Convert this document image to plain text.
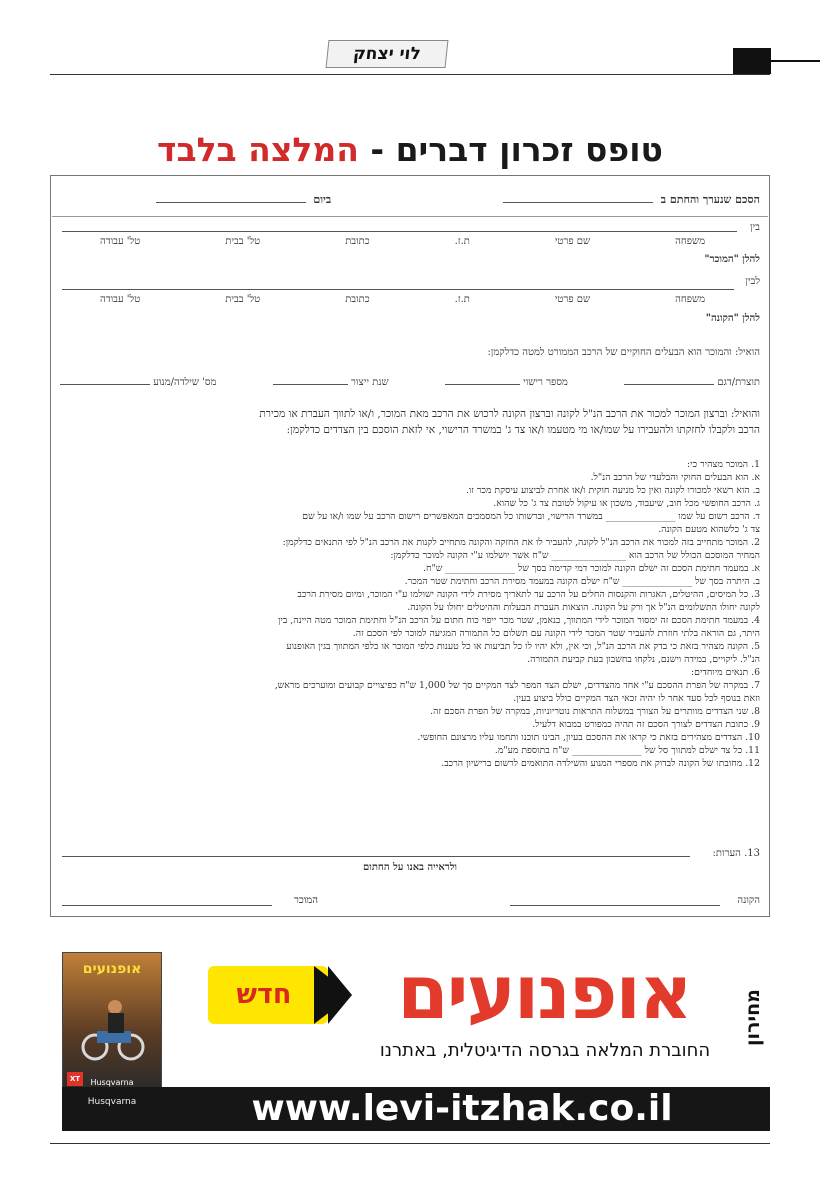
לוי יצחק
טופס זכרון דברים - המלצה בלבד
הסכם שנערך והחתם ב   ביום
בין
משפחה
שם פרטי
ת.ז.
כתובת
טל' בבית
טל' עבודה
להלן "המוכר"
לבין
משפחה
שם פרטי
ת.ז.
כתובת
טל' בבית
טל' עבודה
להלן "הקונה"
הואיל: והמוכר הוא הבעלים החוקיים של הרכב הממורט למטה כדלקמן:
תוצרת/דגם
מספר רישוי
שנת ייצור
מס' שילדה/מנוע
והואיל: וברצון המוכר למכור את הרכב הנ"ל לקונה וברצון הקונה לרכוש את הרכב מאת המוכר, ו/או לתווך העברת או מכירת
הרכב ולקבלו לחזקתו ולהעבירו על שמו/או מי מטעמו ו/או צד ג' במשרד הרישוי, אי לזאת הוסכם בין הצדדים כדלקמן:
1. המוכר מצהיר כי:
א. הוא הבעלים החוקי והבלעדי של הרכב הנ"ל.
ב. הוא רשאי למכורו לקונה ואין כל מניעה חוקית ו/או אחרת לביצוע עיסקת מכר זו.
ג. הרכב החופשי מכל חוב, שיעבוד, משכון או עיקול לטובת צד ג' כל שהוא.
ד. הרכב רשום על שמו _______________ במשרד הרישוי, וברשותו כל המסמכים המאפשרים רישום הרכב על שמו ו/או על שם
צד ג' כלשהוא מטעם הקונה.
2. המוכר מתחייב בזה למכור את הרכב הנ"ל לקונה, להעביר לו את החזקה והקונה מתחייב לקנות את הרכב הנ"ל לפי התנאים כדלקמן:
המחיר המוסכם הכולל של הרכב הוא ________________ ש"ח אשר יושלמו ע"י הקונה למוכר כדלקמן:
א. במעמד חתימת הסכם זה ישלם הקונה למוכר דמי קדימה בסך של _______________ ש"ח.
ב. היתרה בסך של _______________ ש"ח ישלם הקונה במעמד מסירת הרכב וחתימת שטר המכר.
3. כל המיסים, ההיטלים, האגרות והקנסות החלים על הרכב עד לתאריך מסירת לידי הקונה ישולמו ע"י המוכר, ומיום מסירת הרכב
לקונה יחולו התשלומים הנ"ל אך ורק על הקונה. הוצאות העברת הבעלות וההיטלים יחולו על הקונה.
4. במעמד חתימת הסכם זה ימסור המוכר לידי המתווך, כנאמן, שטר מכר ייפוי כוח חתום על הרכב הנ"ל וחתימת המוכר מטה היינה, בין
היתר, גם הוראה בלתי חוזרת להעביר שטר המכר לידי הקונה עם תשלום כל התמורה המגיעה למוכר לפי הסכם זה.
5. הקונה מצהיר בזאת כי בדק את הרכב הנ"ל, וכי אין, ולא יהיו לו כל תביעות או כל טענות כלפי המוכר או כלפי המתווך בגין האופנוע
הנ"ל. ליקויים, במידה וישנם, נלקחו בחשבון בעת קביעת התמורה.
6. תנאים מיוחדים:
7. במקרה של הפרת ההסכם ע"י אחד מהצדדים, ישלם הצד המפר לצד המקיים סך של 1,000 ש"ח כפיצויים קבועים ומוערכים מראש,
וזאת בנוסף לכל סעד אחר לו יהיה זכאי הצד המקיים כולל ביצוע בעין.
8. שני הצדדים מוותרים על הצורך במשלוח התראות נוטריוניות, במקרה של הפרת הסכם זה.
9. כתובת הצדדים לצורך הסכם זה תהיה כמפורט במבוא דלעיל.
10. הצדדים מצהירים בזאת כי קראו את ההסכם בעיון, הבינו תוכנו ותחמו עליו מרצונם החופשי.
11. כל צד ישלם למתווך סל של _______________ ש"ח בתוספת מע"מ.
12. מחובתו של הקונה לבדוק את מספרי המנוע והשילדה התואמים לרשום ברישיון הרכב.
13. הערות:
ולראייה באנו על החתום
הקונה
המוכר
אופנועים
Husqvarna
XT
מחירון
אופנועים
חדש
החוברת המלאה בגרסה הדיגיטלית, באתרנו
Husqvarna	www.levi-itzhak.co.il
